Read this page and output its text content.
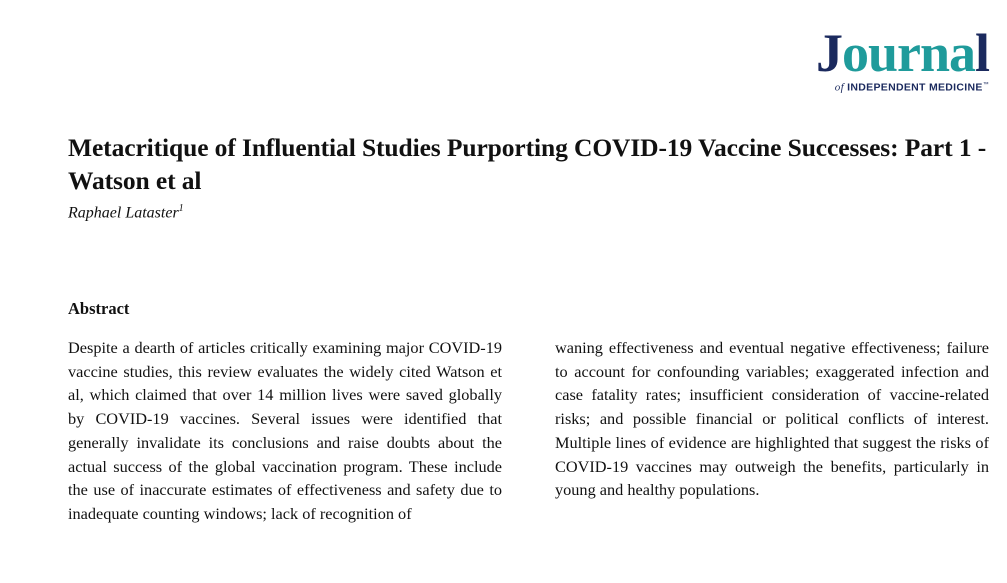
Journal
of INDEPENDENT MEDICINE™
Metacritique of Influential Studies Purporting COVID-19 Vaccine Successes: Part 1 - Watson et al
Raphael Lataster$^1$
Abstract

Despite a dearth of articles critically examining major COVID-19 vaccine studies, this review evaluates the widely cited Watson et al, which claimed that over 14 million lives were saved globally by COVID-19 vaccines. Several issues were identified that generally invalidate its conclusions and raise doubts about the actual success of the global vaccination program. These include the use of inaccurate estimates of effectiveness and safety due to inadequate counting windows; lack of recognition of

waning effectiveness and eventual negative effectiveness; failure to account for confounding variables; exaggerated infection and case fatality rates; insufficient consideration of vaccine-related risks; and possible financial or political conflicts of interest. Multiple lines of evidence are highlighted that suggest the risks of COVID-19 vaccines may outweigh the benefits, particularly in young and healthy populations.
